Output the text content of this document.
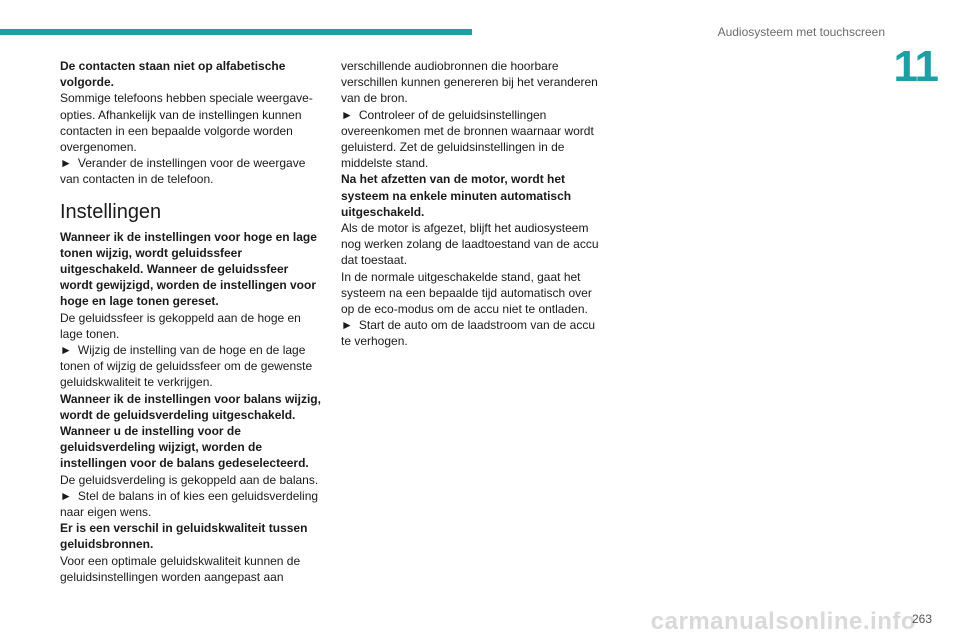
Audiosysteem met touchscreen
11

De contacten staan niet op alfabetische volgorde.

Sommige telefoons hebben speciale weergave-opties. Afhankelijk van de instellingen kunnen contacten in een bepaalde volgorde worden overgenomen.

► Verander de instellingen voor de weergave van contacten in de telefoon.

Instellingen

Wanneer ik de instellingen voor hoge en lage tonen wijzig, wordt geluidssfeer uitgeschakeld. Wanneer de geluidssfeer wordt gewijzigd, worden de instellingen voor hoge en lage tonen gereset.

De geluidssfeer is gekoppeld aan de hoge en lage tonen.

► Wijzig de instelling van de hoge en de lage tonen of wijzig de geluidssfeer om de gewenste geluidskwaliteit te verkrijgen.

Wanneer ik de instellingen voor balans wijzig, wordt de geluidsverdeling uitgeschakeld. Wanneer u de instelling voor de geluidsverdeling wijzigt, worden de instellingen voor de balans gedeselecteerd.

De geluidsverdeling is gekoppeld aan de balans.

► Stel de balans in of kies een geluidsverdeling naar eigen wens.

Er is een verschil in geluidskwaliteit tussen geluidsbronnen.

Voor een optimale geluidskwaliteit kunnen de geluidsinstellingen worden aangepast aan

verschillende audiobronnen die hoorbare verschillen kunnen genereren bij het veranderen van de bron.

► Controleer of de geluidsinstellingen overeenkomen met de bronnen waarnaar wordt geluisterd. Zet de geluidsinstellingen in de middelste stand.

Na het afzetten van de motor, wordt het systeem na enkele minuten automatisch uitgeschakeld.

Als de motor is afgezet, blijft het audiosysteem nog werken zolang de laadtoestand van de accu dat toestaat.

In de normale uitgeschakelde stand, gaat het systeem na een bepaalde tijd automatisch over op de eco-modus om de accu niet te ontladen.

► Start de auto om de laadstroom van de accu te verhogen.

carmanualsonline.info
263
